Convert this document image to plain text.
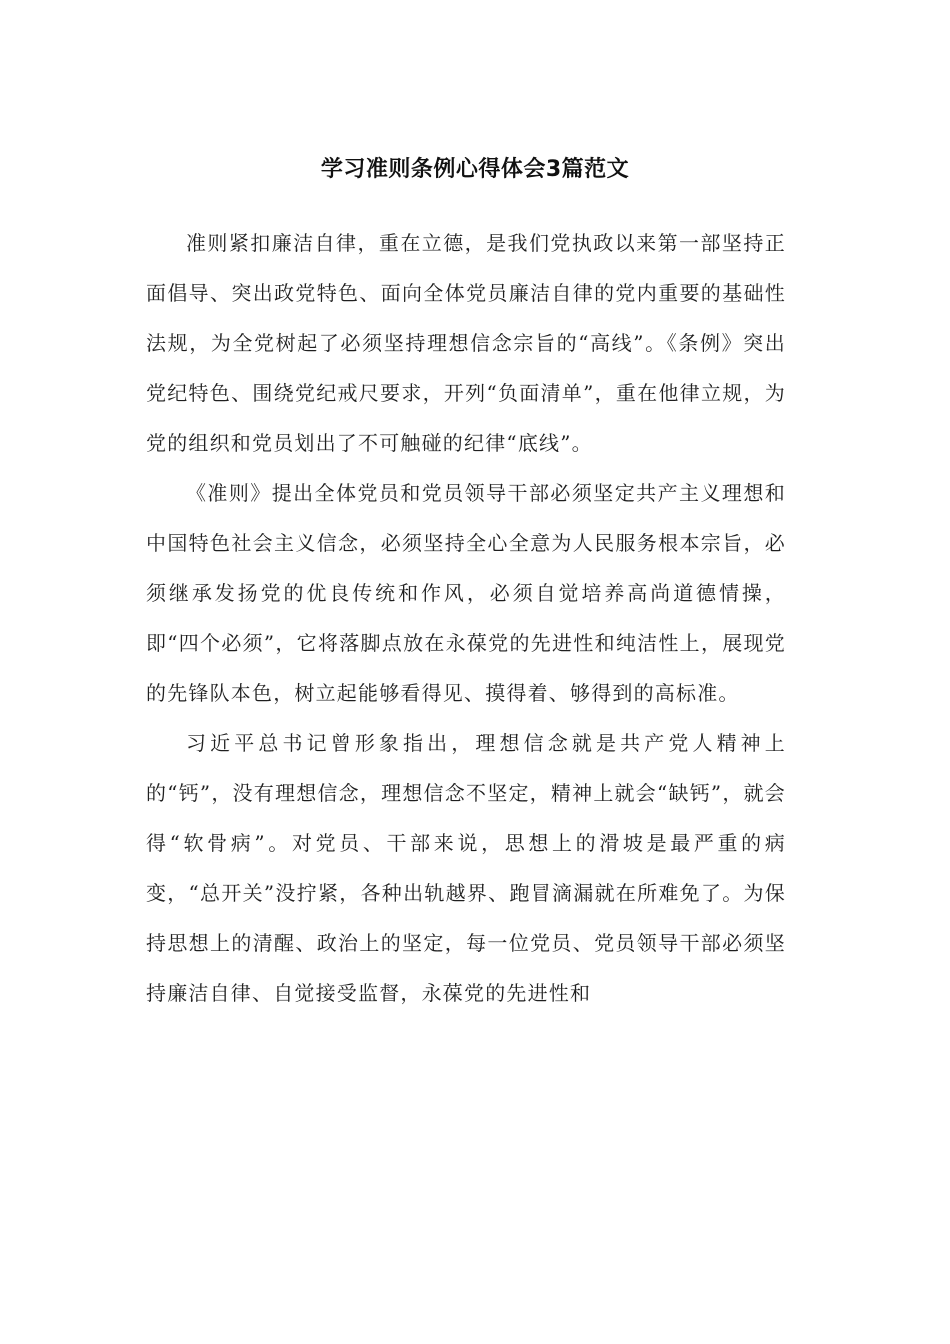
学习准则条例心得体会3篇范文

准则紧扣廉洁自律，重在立德，是我们党执政以来第一部坚持正面倡导、突出政党特色、面向全体党员廉洁自律的党内重要的基础性法规，为全党树起了必须坚持理想信念宗旨的“高线”。《条例》突出党纪特色、围绕党纪戒尺要求，开列“负面清单”，重在他律立规，为党的组织和党员划出了不可触碰的纪律“底线”。

《准则》提出全体党员和党员领导干部必须坚定共产主义理想和中国特色社会主义信念，必须坚持全心全意为人民服务根本宗旨，必须继承发扬党的优良传统和作风，必须自觉培养高尚道德情操，即“四个必须”，它将落脚点放在永葆党的先进性和纯洁性上，展现党的先锋队本色，树立起能够看得见、摸得着、够得到的高标准。

习近平总书记曾形象指出，理想信念就是共产党人精神上的“钙”，没有理想信念，理想信念不坚定，精神上就会“缺钙”，就会得“软骨病”。对党员、干部来说，思想上的滑坡是最严重的病变，“总开关”没拧紧，各种出轨越界、跑冒滴漏就在所难免了。为保持思想上的清醒、政治上的坚定，每一位党员、党员领导干部必须坚持廉洁自律、自觉接受监督，永葆党的先进性和
